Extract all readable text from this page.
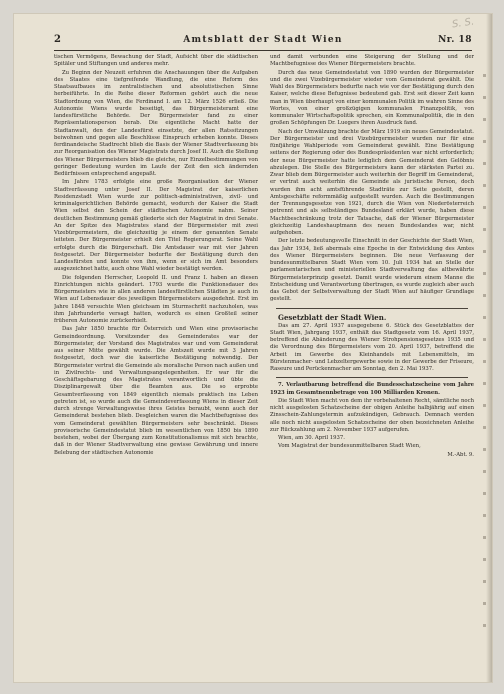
S. S.
2	Amtsblatt der Stadt Wien	Nr. 18

tischen Vermögens, Bewachung der Stadt, Aufsicht über die städtischen Spitäler und Stiftungen und anderes mehr.

Zu Beginn der Neuzeit erfuhren die Anschauungen über die Aufgaben des Staates eine tiefgreifende Wandlung, die eine Reform des Staatsaufbaues im zentralistischen und absolutistischen Sinne herbeiführte. In die Reihe dieser Reformen gehört auch die neue Stadtordnung von Wien, die Ferdinand I. am 12. März 1526 erließ. Die Autonomie Wiens wurde beseitigt, das Bürgermeisteramt eine landesfürstliche Behörde. Der Bürgermeister fand zu einer Repräsentationsperson herab. Die eigentliche Macht hatte der Stadtanwalt, den der Landesfürst einsetzte, der allen Ratssitzungen beiwohnen und gegen alle Beschlüsse Einspruch erheben konnte. Dieses ferdinandeische Stadtrecht blieb die Basis der Wiener Stadtverfassung bis zur Reorganisation des Wiener Magistrats durch Josef II. Auch die Stellung des Wiener Bürgermeisters blieb die gleiche, nur Einzelbestimmungen von geringer Bedeutung wurden im Laufe der Zeit den sich ändernden Bedürfnissen entsprechend angepaßt.

Im Jahre 1783 erfolgte eine große Reorganisation der Wiener Stadtverfassung unter Josef II. Der Magistrat der kaiserlichen Residenzstadt Wien wurde zur politisch-administrativen, zivil- und kriminalgerichtlichen Behörde gemacht, wodurch der Kaiser die Stadt Wien selbst den Schein der städtischen Autonomie nahm. Seiner deutlichen Bestimmung gemäß gliederte sich der Magistrat in drei Senate. An der Spitze des Magistrates stand der Bürgermeister mit zwei Vizebürgermeistern, die gleichzeitig je einem der genannten Senate leiteten. Der Bürgermeister erhielt den Titel Regierungsrat. Seine Wahl erfolgte durch die Bürgerschaft. Die Amtsdauer war mit vier Jahren festgesetzt. Der Bürgermeister bedurfte der Bestätigung durch den Landesfürsten und konnte von ihm, wenn er sich im Amt besonders ausgezeichnet hatte, auch ohne Wahl wieder bestätigt werden.

Die folgenden Herrscher, Leopold II. und Franz I. haben an diesen Einrichtungen nichts geändert. 1793 wurde die Funktionsdauer des Bürgermeisters wie in allen anderen landesfürstlichen Städten je auch in Wien auf Lebensdauer des jeweiligen Bürgermeisters ausgedehnt. Erst im Jahre 1848 versuchte Wien gleichsam im Sturmschritt nachzuholen, was ihm Jahrhunderte versagt hatten, wodurch es einen Großteil seiner früheren Autonomie zurückerhielt.

Das Jahr 1850 brachte für Österreich und Wien eine provisorische Gemeindeordnung. Vorsitzender des Gemeinderates war der Bürgermeister, der Vorstand des Magistrates war und vom Gemeinderat aus seiner Mitte gewählt wurde. Die Amtszeit wurde mit 3 Jahren festgesetzt, doch war die kaiserliche Bestätigung notwendig. Der Bürgermeister vertrat die Gemeinde als moralische Person nach außen und in Zivilrechts- und Verwaltungsangelegenheiten. Er war für die Geschäftsgebarung des Magistrates verantwortlich und übte die Disziplinargewalt über die Beamten aus. Die so erprobte Gesamtverfassung von 1849 eigentlich niemals praktisch ins Leben getreten ist, so wurde auch die Gemeindeverfassung Wiens in dieser Zeit durch strenge Verwaltungsweise ihres Geistes beraubt, wenn auch der Gemeinderat bestehen blieb. Desgleichen waren die Machtbefugnisse des vom Gemeinderat gewählten Bürgermeisters sehr beschränkt. Dieses provisorische Gemeindestatut blieb im wesentlichen von 1850 bis 1890 bestehen, wobei der Übergang zum Konstitutionalismus mit sich brachte, daß in der Wiener Stadtverwaltung eine gewisse Gewährung und innere Belebung der städtischen Autonomie

und damit verbunden eine Steigerung der Stellung und der Machtbefugnisse des Wiener Bürgermeisters brachte.

Durch das neue Gemeindestatut von 1890 wurden der Bürgermeister und die zwei Vizebürgermeister wieder vom Gemeinderat gewählt. Die Wahl des Bürgermeisters bedurfte nach wie vor der Bestätigung durch den Kaiser, welche diese Befugnisse bedeutend gab. Erst seit dieser Zeit kann man in Wien überhaupt von einer kommunalen Politik im wahren Sinne des Wortes, von einer großzügigen kommunalen Finanzpolitik, von kommunaler Wirtschaftspolitik sprechen, ein Kommunalpolitik, die in den großen Schöpfungen Dr. Luegers ihren Ausdruck fand.

Nach der Umwälzung brachte der März 1919 ein neues Gemeindestatut. Der Bürgermeister und drei Vizebürgermeister wurden nur für eine fünfjährige Wahlperiode vom Gemeinderat gewählt. Eine Bestätigung seitens der Regierung oder des Bundespräsidenten war nicht erforderlich; der neue Bürgermeister hatte lediglich dem Gemeinderat den Gelöbnis abzulegen. Die Stelle des Bürgermeisters kann der stärksten Partei zu. Zwar blieb dem Bürgermeister auch weiterhin der Begriff im Gemeinderat, er vertrat auch weiterhin die Gemeinde als juristische Person, doch wurden ihm acht amtsführende Stadträte zur Seite gestellt, deren Amtsgeschäfte reformmäßig aufgestellt wurden. Auch die Bestimmungen der Trennungsgesetze von 1921, durch die Wien von Niederösterreich getrennt und als selbständiges Bundesland erklärt wurde, haben diese Machtbeschränkung trotz der Tatsache, daß der Wiener Bürgermeister gleichzeitig Landeshauptmann des neuen Bundeslandes war, nicht aufgehoben.

Der letzte bedeutungsvolle Einschnitt in der Geschichte der Stadt Wien, das Jahr 1934, ließ abermals eine Epoche in der Entwicklung des Amtes des Wiener Bürgermeisters beginnen. Die neue Verfassung der bundesunmittelbaren Stadt Wien vom 10. Juli 1934 hat an Stelle der parlamentarischen und ministeriellen Stadtverwaltung das altbewährte Bürgermeisterprinzip gesetzt. Damit wurde wiederum einem Manne die Entscheidung und Verantwortung übertragen, es wurde zugleich aber auch das Gebot der Selbstverwaltung der Stadt Wien auf häufiger Grundlage gestellt.

Gesetzblatt der Stadt Wien.

Das am 27. April 1937 ausgegebene 6. Stück des Gesetzblattes der Stadt Wien, Jahrgang 1937, enthält das Stadtgesetz vom 16. April 1937, betreffend die Abänderung des Wiener Strohpensionsgesetzes 1935 und die Verordnung des Bürgermeisters vom 20. April 1937, betreffend die Arbeit im Gewerbe des Kleinhandels mit Lebensmitteln, im Bürstenmacher- und Lebzeltergewerbe sowie in der Gewerbe der Friseure, Raseure und Perückenmacher am Sonntag, den 2. Mai 1937.

7. Verlautbarung betreffend die Bundesschatzscheine vom Jahre 1923 im Gesamtnennbetrage von 100 Milliarden Kronen.

Die Stadt Wien macht von dem ihr vorbehaltenen Recht, sämtliche noch nicht ausgelosten Schatzscheine der obigen Anleihe halbjährig auf einen Zinsschein-Zahlungstermin aufzukündigen, Gebrauch. Demnach werden alle noch nicht ausgelosten Schatzscheine der oben bezeichneten Anleihe zur Rückzahlung am 2. November 1937 aufgerufen.

Wien, am 30. April 1937.

Vom Magistrat der bundesunmittelbaren Stadt Wien,

M.-Abt. 9.
